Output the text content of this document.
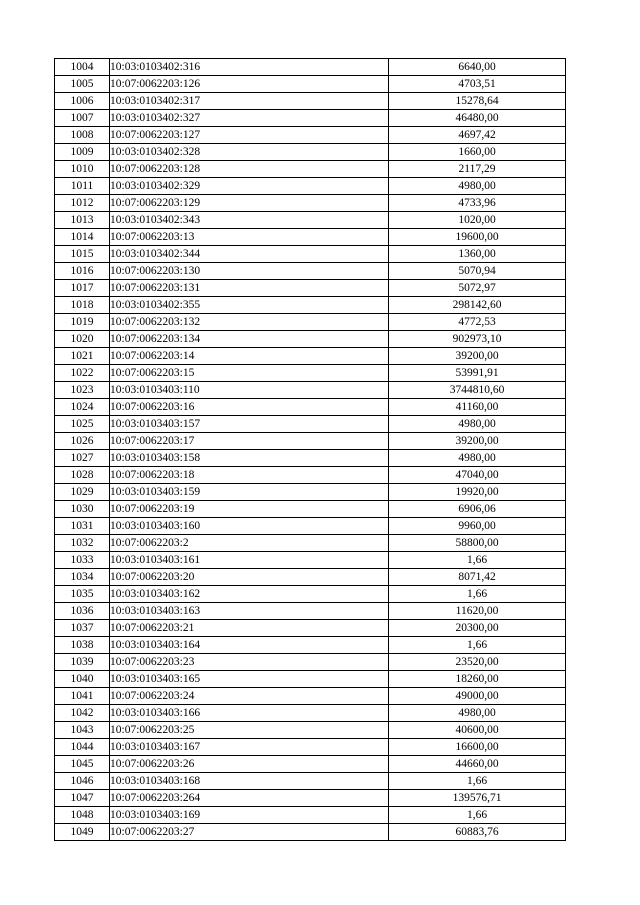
1004	10:03:0103402:316	6640,00
1005	10:07:0062203:126	4703,51
1006	10:03:0103402:317	15278,64
1007	10:03:0103402:327	46480,00
1008	10:07:0062203:127	4697,42
1009	10:03:0103402:328	1660,00
1010	10:07:0062203:128	2117,29
1011	10:03:0103402:329	4980,00
1012	10:07:0062203:129	4733,96
1013	10:03:0103402:343	1020,00
1014	10:07:0062203:13	19600,00
1015	10:03:0103402:344	1360,00
1016	10:07:0062203:130	5070,94
1017	10:07:0062203:131	5072,97
1018	10:03:0103402:355	298142,60
1019	10:07:0062203:132	4772,53
1020	10:07:0062203:134	902973,10
1021	10:07:0062203:14	39200,00
1022	10:07:0062203:15	53991,91
1023	10:03:0103403:110	3744810,60
1024	10:07:0062203:16	41160,00
1025	10:03:0103403:157	4980,00
1026	10:07:0062203:17	39200,00
1027	10:03:0103403:158	4980,00
1028	10:07:0062203:18	47040,00
1029	10:03:0103403:159	19920,00
1030	10:07:0062203:19	6906,06
1031	10:03:0103403:160	9960,00
1032	10:07:0062203:2	58800,00
1033	10:03:0103403:161	1,66
1034	10:07:0062203:20	8071,42
1035	10:03:0103403:162	1,66
1036	10:03:0103403:163	11620,00
1037	10:07:0062203:21	20300,00
1038	10:03:0103403:164	1,66
1039	10:07:0062203:23	23520,00
1040	10:03:0103403:165	18260,00
1041	10:07:0062203:24	49000,00
1042	10:03:0103403:166	4980,00
1043	10:07:0062203:25	40600,00
1044	10:03:0103403:167	16600,00
1045	10:07:0062203:26	44660,00
1046	10:03:0103403:168	1,66
1047	10:07:0062203:264	139576,71
1048	10:03:0103403:169	1,66
1049	10:07:0062203:27	60883,76
